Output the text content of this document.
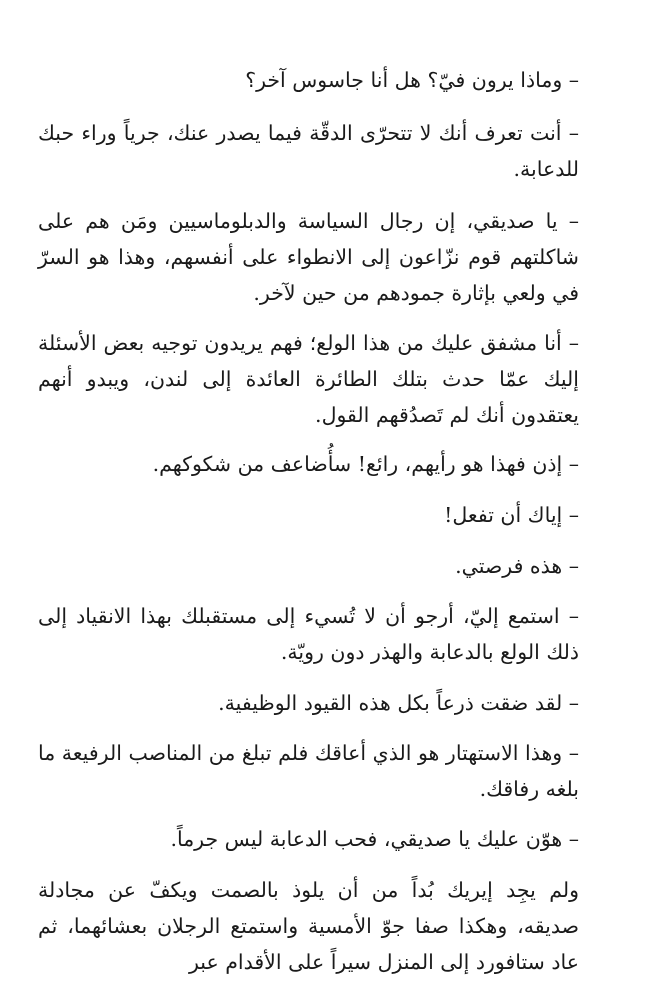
– وماذا يرون فيّ؟ هل أنا جاسوس آخر؟

– أنت تعرف أنك لا تتحرّى الدقّة فيما يصدر عنك، جرياً وراء حبك للدعابة.

– يا صديقي، إن رجال السياسة والدبلوماسيين ومَن هم على شاكلتهم قوم نزّاعون إلى الانطواء على أنفسهم، وهذا هو السرّ في ولعي بإثارة جمودهم من حين لآخر.

– أنا مشفق عليك من هذا الولع؛ فهم يريدون توجيه بعض الأسئلة إليك عمّا حدث بتلك الطائرة العائدة إلى لندن، ويبدو أنهم يعتقدون أنك لم تَصدُقهم القول.

– إذن فهذا هو رأيهم، رائع! سأُضاعف من شكوكهم.

– إياك أن تفعل!

– هذه فرصتي.

– استمع إليّ، أرجو أن لا تُسيء إلى مستقبلك بهذا الانقياد إلى ذلك الولع بالدعابة والهذر دون رويّة.

– لقد ضقت ذرعاً بكل هذه القيود الوظيفية.

– وهذا الاستهتار هو الذي أعاقك فلم تبلغ من المناصب الرفيعة ما بلغه رفاقك.

– هوّن عليك يا صديقي، فحب الدعابة ليس جرماً.

ولم يجِد إيريك بُداً من أن يلوذ بالصمت ويكفّ عن مجادلة صديقه، وهكذا صفا جوّ الأمسية واستمتع الرجلان بعشائهما، ثم عاد ستافورد إلى المنزل سيراً على الأقدام عبر
